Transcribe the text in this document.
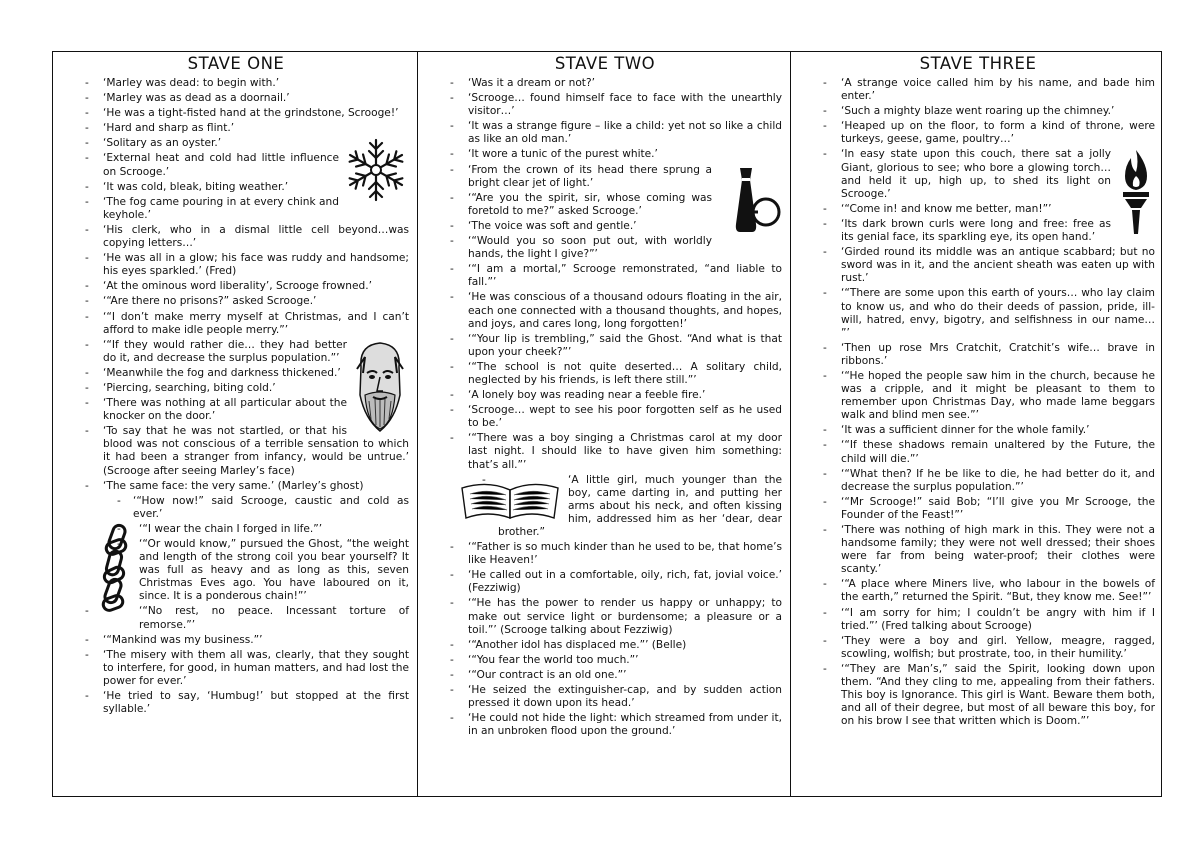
STAVE ONE
- ‘Marley was dead: to begin with.’
- ‘Marley was as dead as a doornail.’
- ‘He was a tight-fisted hand at the grindstone, Scrooge!’
- ‘Hard and sharp as flint.’
- ‘Solitary as an oyster.’
- ‘External heat and cold had little influence on Scrooge.’
- ‘It was cold, bleak, biting weather.’
- ‘The fog came pouring in at every chink and keyhole.’
- ‘His clerk, who in a dismal little cell beyond…was copying letters…’
- ‘He was all in a glow; his face was ruddy and handsome; his eyes sparkled.’ (Fred)
- ‘At the ominous word liberality’, Scrooge frowned.’
- ‘“Are there no prisons?” asked Scrooge.’
- ‘“I don’t make merry myself at Christmas, and I can’t afford to make idle people merry.”’
- ‘“If they would rather die… they had better do it, and decrease the surplus population.”’
- ‘Meanwhile the fog and darkness thickened.’
- ‘Piercing, searching, biting cold.’
- ‘There was nothing at all particular about the knocker on the door.’
- ‘To say that he was not startled, or that his blood was not conscious of a terrible sensation to which it had been a stranger from infancy, would be untrue.’ (Scrooge after seeing Marley’s face)
- ‘The same face: the very same.’ (Marley’s ghost)
- ‘“How now!” said Scrooge, caustic and cold as ever.’
- ‘“I wear the chain I forged in life.”’
- ‘“Or would know,” pursued the Ghost, “the weight and length of the strong coil you bear yourself? It was full as heavy and as long as this, seven Christmas Eves ago. You have laboured on it, since. It is a ponderous chain!”’
- ‘“No rest, no peace. Incessant torture of remorse.”’
- ‘“Mankind was my business.”’
- ‘The misery with them all was, clearly, that they sought to interfere, for good, in human matters, and had lost the power for ever.’
- ‘He tried to say, ‘Humbug!’ but stopped at the first syllable.’
STAVE TWO
- ‘Was it a dream or not?’
- ‘Scrooge… found himself face to face with the unearthly visitor…’
- ‘It was a strange figure – like a child: yet not so like a child as like an old man.’
- ‘It wore a tunic of the purest white.’
- ‘From the crown of its head there sprung a bright clear jet of light.’
- ‘“Are you the spirit, sir, whose coming was foretold to me?” asked Scrooge.’
- ‘The voice was soft and gentle.’
- ‘“Would you so soon put out, with worldly hands, the light I give?”’
- ‘“I am a mortal,” Scrooge remonstrated, “and liable to fall.”’
- ‘He was conscious of a thousand odours floating in the air, each one connected with a thousand thoughts, and hopes, and joys, and cares long, long forgotten!’
- ‘“Your lip is trembling,” said the Ghost. “And what is that upon your cheek?”’
- ‘“The school is not quite deserted… A solitary child, neglected by his friends, is left there still.”’
- ‘A lonely boy was reading near a feeble fire.’
- ‘Scrooge… wept to see his poor forgotten self as he used to be.’
- ‘“There was a boy singing a Christmas carol at my door last night. I should like to have given him something: that’s all.”’
- ‘A little girl, much younger than the boy, came darting in, and putting her arms about his neck, and often kissing him, addressed him as her ‘dear, dear brother.”
- ‘“Father is so much kinder than he used to be, that home’s like Heaven!’
- ‘He called out in a comfortable, oily, rich, fat, jovial voice.’ (Fezziwig)
- ‘“He has the power to render us happy or unhappy; to make out service light or burdensome; a pleasure or a toil.”’ (Scrooge talking about Fezziwig)
- ‘“Another idol has displaced me.”’ (Belle)
- ‘“You fear the world too much.”’
- ‘“Our contract is an old one.”’
- ‘He seized the extinguisher-cap, and by sudden action pressed it down upon its head.’
- ‘He could not hide the light: which streamed from under it, in an unbroken flood upon the ground.’
STAVE THREE
- ‘A strange voice called him by his name, and bade him enter.’
- ‘Such a mighty blaze went roaring up the chimney.’
- ‘Heaped up on the floor, to form a kind of throne, were turkeys, geese, game, poultry…’
- ‘In easy state upon this couch, there sat a jolly Giant, glorious to see; who bore a glowing torch… and held it up, high up, to shed its light on Scrooge.’
- ‘“Come in! and know me better, man!”’
- ‘Its dark brown curls were long and free: free as its genial face, its sparkling eye, its open hand.’
- ‘Girded round its middle was an antique scabbard; but no sword was in it, and the ancient sheath was eaten up with rust.’
- ‘“There are some upon this earth of yours… who lay claim to know us, and who do their deeds of passion, pride, ill-will, hatred, envy, bigotry, and selfishness in our name… ”’
- ‘Then up rose Mrs Cratchit, Cratchit’s wife… brave in ribbons.’
- ‘“He hoped the people saw him in the church, because he was a cripple, and it might be pleasant to them to remember upon Christmas Day, who made lame beggars walk and blind men see.”’
- ‘It was a sufficient dinner for the whole family.’
- ‘“If these shadows remain unaltered by the Future, the child will die.”’
- ‘“What then? If he be like to die, he had better do it, and decrease the surplus population.”’
- ‘“Mr Scrooge!” said Bob; “I’ll give you Mr Scrooge, the Founder of the Feast!”’
- ‘There was nothing of high mark in this. They were not a handsome family; they were not well dressed; their shoes were far from being water-proof; their clothes were scanty.’
- ‘“A place where Miners live, who labour in the bowels of the earth,” returned the Spirit. “But, they know me. See!”’
- ‘“I am sorry for him; I couldn’t be angry with him if I tried.”’ (Fred talking about Scrooge)
- ‘They were a boy and girl. Yellow, meagre, ragged, scowling, wolfish; but prostrate, too, in their humility.’
- ‘“They are Man’s,” said the Spirit, looking down upon them. “And they cling to me, appealing from their fathers. This boy is Ignorance. This girl is Want. Beware them both, and all of their degree, but most of all beware this boy, for on his brow I see that written which is Doom.”’
